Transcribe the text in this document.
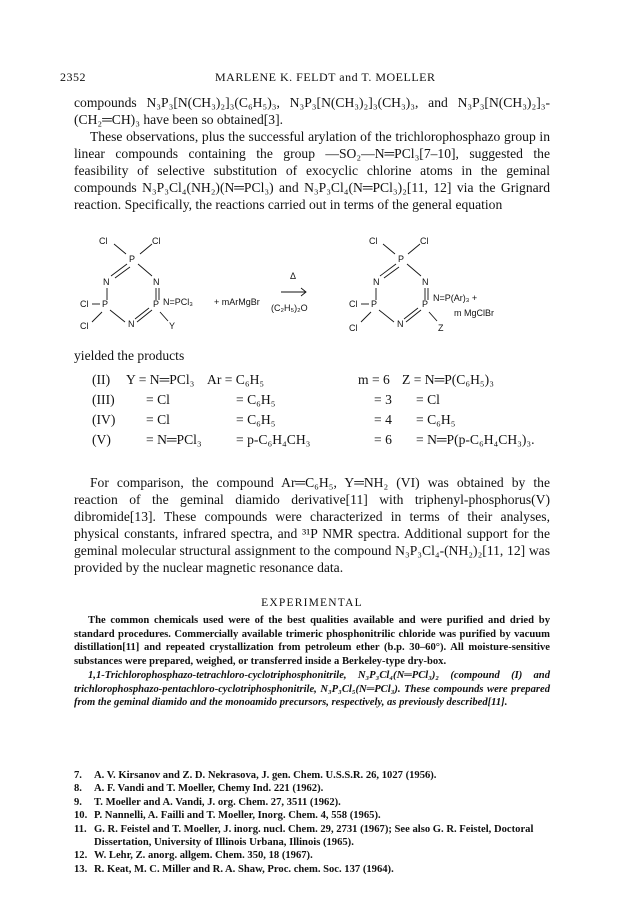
2352	MARLENE K. FELDT and T. MOELLER

compounds N₃P₃[N(CH₃)₂]₃(C₆H₅)₃, N₃P₃[N(CH₃)₂]₃(CH₃)₃, and N₃P₃[N(CH₃)₂]₃-(CH₂═CH)₃ have been so obtained[3].

These observations, plus the successful arylation of the trichlorophosphazo group in linear compounds containing the group —SO₂—N═PCl₃[7–10], suggested the feasibility of selective substitution of exocyclic chlorine atoms in the geminal compounds N₃P₃Cl₄(NH₂)(N═PCl₃) and N₃P₃Cl₄(N═PCl₃)₂[11, 12] via the Grignard reaction. Specifically, the reactions carried out in terms of the general equation

Cl	Cl
P
N	N
Cl P	P N=PCl₃
Cl	N	Y
+ mArMgBr
Δ
(C₂H₅)₂O
Cl	Cl
P
N	N
Cl P	P
N=P(Ar)₃ +
m MgClBr
Cl	N	Z
yielded the products
(II) Y = N═PCl₃ Ar = C₆H₅	m = 6 Z = N═P(C₆H₅)₃
(III) = Cl	= C₆H₅	= 3 = Cl
(IV) = Cl	= C₆H₅	= 4 = C₆H₅
(V)	= N═PCl₃	= p-C₆H₄CH₃	= 6 = N═P(p-C₆H₄CH₃)₃.

For comparison, the compound Ar═C₆H₅, Y═NH₂ (VI) was obtained by the reaction of the geminal diamido derivative[11] with triphenyl-phosphorus(V) dibromide[13]. These compounds were characterized in terms of their analyses, physical constants, infrared spectra, and ³¹P NMR spectra. Additional support for the geminal molecular structural assignment to the compound N₃P₃Cl₄-(NH₂)₂[11, 12] was provided by the nuclear magnetic resonance data.

EXPERIMENTAL

The common chemicals used were of the best qualities available and were purified and dried by standard procedures. Commercially available trimeric phosphonitrilic chloride was purified by vacuum distillation[11] and repeated crystallization from petroleum ether (b.p. 30–60°). All moisture-sensitive substances were prepared, weighed, or transferred inside a Berkeley-type dry-box.

1,1-Trichlorophosphazo-tetrachloro-cyclotriphosphonitrile, N₃P₃Cl₄(N═PCl₃)₂ (compound (I) and trichlorophosphazo-pentachloro-cyclotriphosphonitrile, N₃P₃Cl₅(N═PCl₃). These compounds were prepared from the geminal diamido and the monoamido precursors, respectively, as previously described[11].

7. A. V. Kirsanov and Z. D. Nekrasova, J. gen. Chem. U.S.S.R. 26, 1027 (1956).
8. A. F. Vandi and T. Moeller, Chemy Ind. 221 (1962).
9. T. Moeller and A. Vandi, J. org. Chem. 27, 3511 (1962).
10. P. Nannelli, A. Failli and T. Moeller, Inorg. Chem. 4, 558 (1965).
11. G. R. Feistel and T. Moeller, J. inorg. nucl. Chem. 29, 2731 (1967); See also G. R. Feistel, Doctoral Dissertation, University of Illinois Urbana, Illinois (1965).
12. W. Lehr, Z. anorg. allgem. Chem. 350, 18 (1967).
13. R. Keat, M. C. Miller and R. A. Shaw, Proc. chem. Soc. 137 (1964).
